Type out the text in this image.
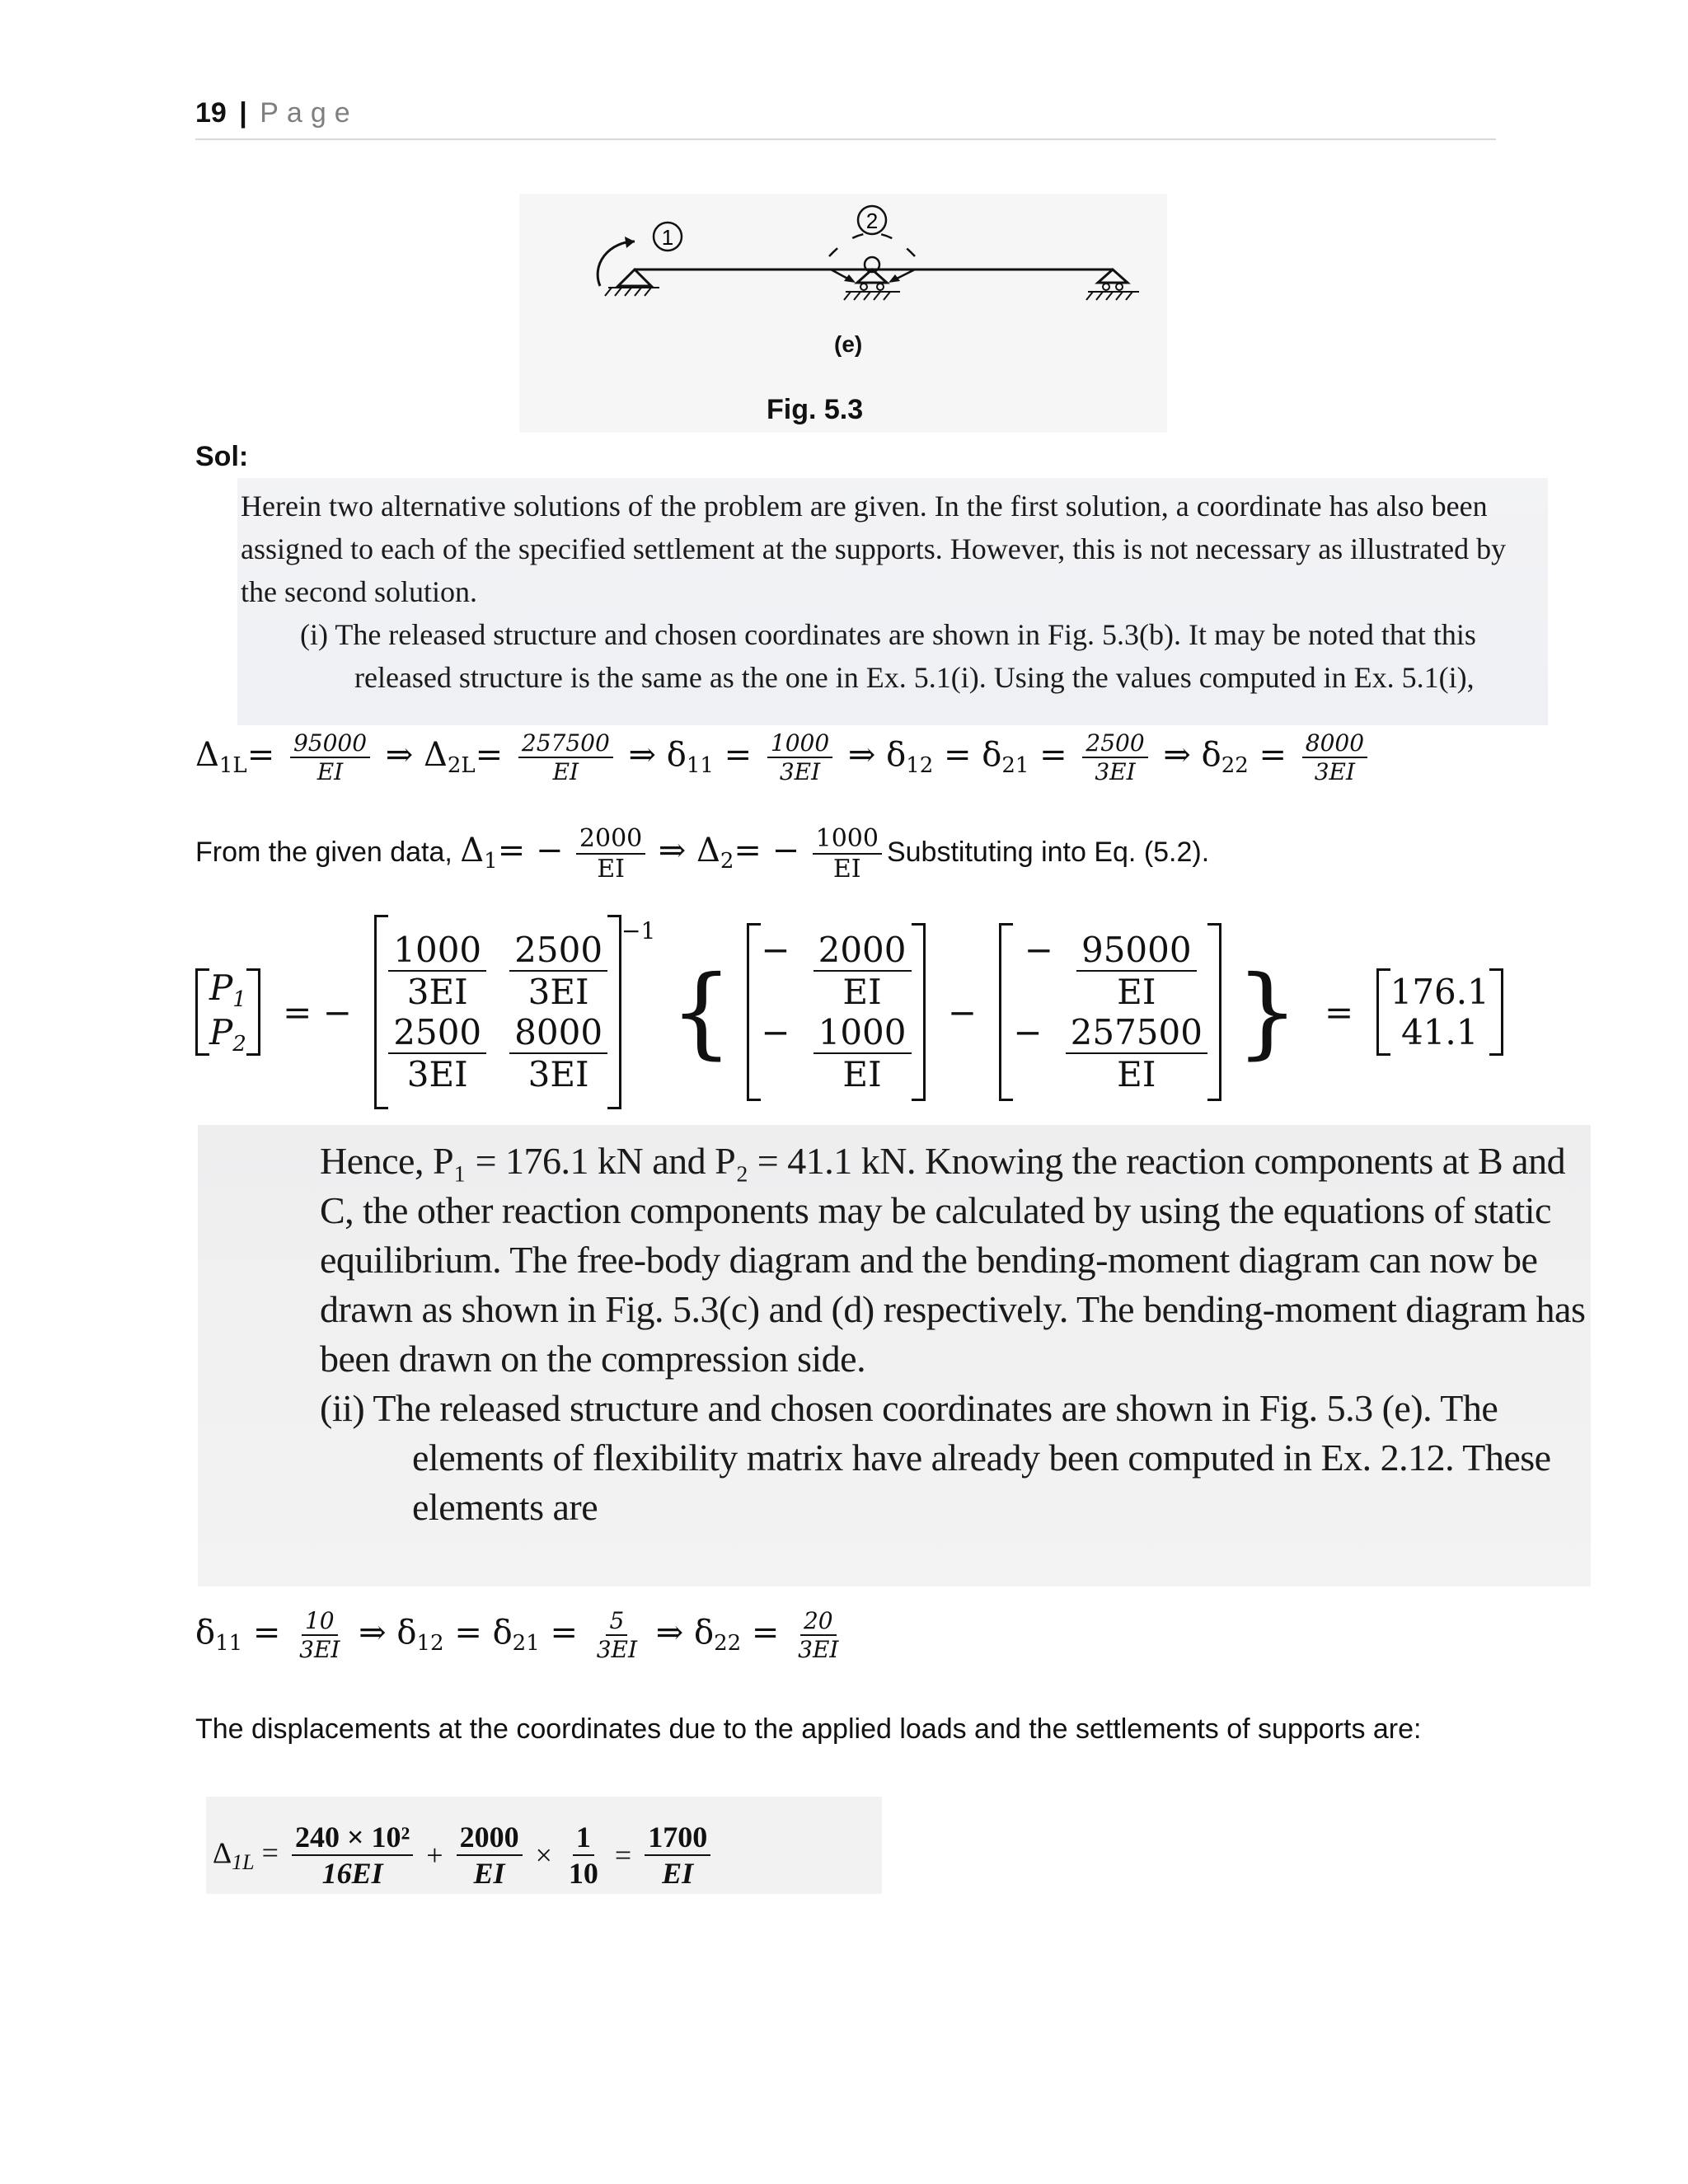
19 | Page
1
2
(e)
Fig. 5.3
Sol:

Herein two alternative solutions of the problem are given. In the first solution, a coordinate has also been assigned to each of the specified settlement at the supports. However, this is not necessary as illustrated by the second solution.

(i) The released structure and chosen coordinates are shown in Fig. 5.3(b). It may be noted that this released structure is the same as the one in Ex. 5.1(i). Using the values computed in Ex. 5.1(i),

$\Delta_{1L}= \frac{95000}{EI}$ ⇒ $\Delta_{2L}= \frac{257500}{EI}$ ⇒ $\delta_{11} = \frac{1000}{3EI}$ ⇒ $\delta_{12} = \delta_{21} = \frac{2500}{3EI}$ ⇒ $\delta_{22} = \frac{8000}{3EI}$
From the given data, $\Delta_1= - \frac{2000}{EI}$ ⇒ $\Delta_2= - \frac{1000}{EI}$ Substituting into Eq. (5.2).
$P_1$
$P_2$
= −
1000
3EI
2500
3EI
2500
3EI
8000
3EI
$^{-1}$ {
− $\frac{2000}{EI}$
− $\frac{1000}{EI}$ −
− $\frac{95000}{EI}$
− $\frac{257500}{EI}$ } = 176.1
41.1

Hence, P₁ = 176.1 kN and P₂ = 41.1 kN. Knowing the reaction components at B and C, the other reaction components may be calculated by using the equations of static equilibrium. The free-body diagram and the bending-moment diagram can now be drawn as shown in Fig. 5.3(c) and (d) respectively. The bending-moment diagram has been drawn on the compression side.

(ii) The released structure and chosen coordinates are shown in Fig. 5.3 (e). The elements of flexibility matrix have already been computed in Ex. 2.12. These elements are

$\delta_{11} = \frac{10}{3EI}$ ⇒ $\delta_{12} = \delta_{21} = \frac{5}{3EI}$ ⇒ $\delta_{22} = \frac{20}{3EI}$
The displacements at the coordinates due to the applied loads and the settlements of supports are:
$\Delta_{1L} = \frac{\text{240 × 10²}}{16EI} + \frac{2000}{EI} \times \frac{1}{10} = \frac{1700}{EI}$
